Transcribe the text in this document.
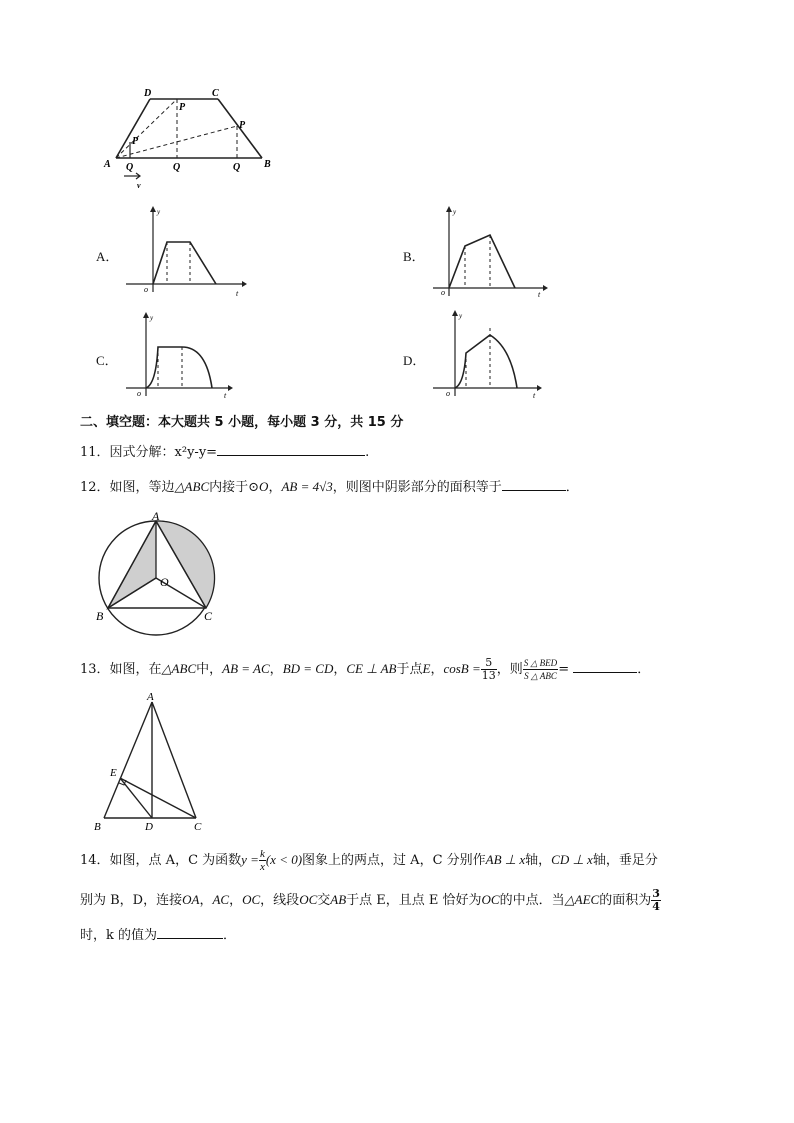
A	B
C
D
P
P
P
Q	Q	Q
v
A．
o	t
y
B．
o	t
y
C．
o	t
y
D．
o	t
y
二、填空题：本大题共 5 小题，每小题 3 分，共 15 分
11．因式分解：x²y-y=	.
12．如图，等边△ABC内接于⊙O，AB = 4√3，则图中阴影部分的面积等于	．
A
B	C
O
13．如图，在△ABC中，AB = AC，BD = CD，CE ⊥ AB于点E，$\cos B = \frac{5}{13}$ ，则 $\frac{\text{S △ BED}}{\text{S △ ABC}}$ =	．
A
B	C
D
E
14．如图，点 A，C 为函数$y = \frac{k}{x} (x < 0)$图象上的两点，过 A，C 分别作AB ⊥ x轴，CD ⊥ x轴，垂足分
别为 B，D，连接OA，AC，OC，线段OC交AB于点 E，且点 E 恰好为OC的中点．当△AEC的面积为 $\frac{3}{4}$
时，k 的值为	．
